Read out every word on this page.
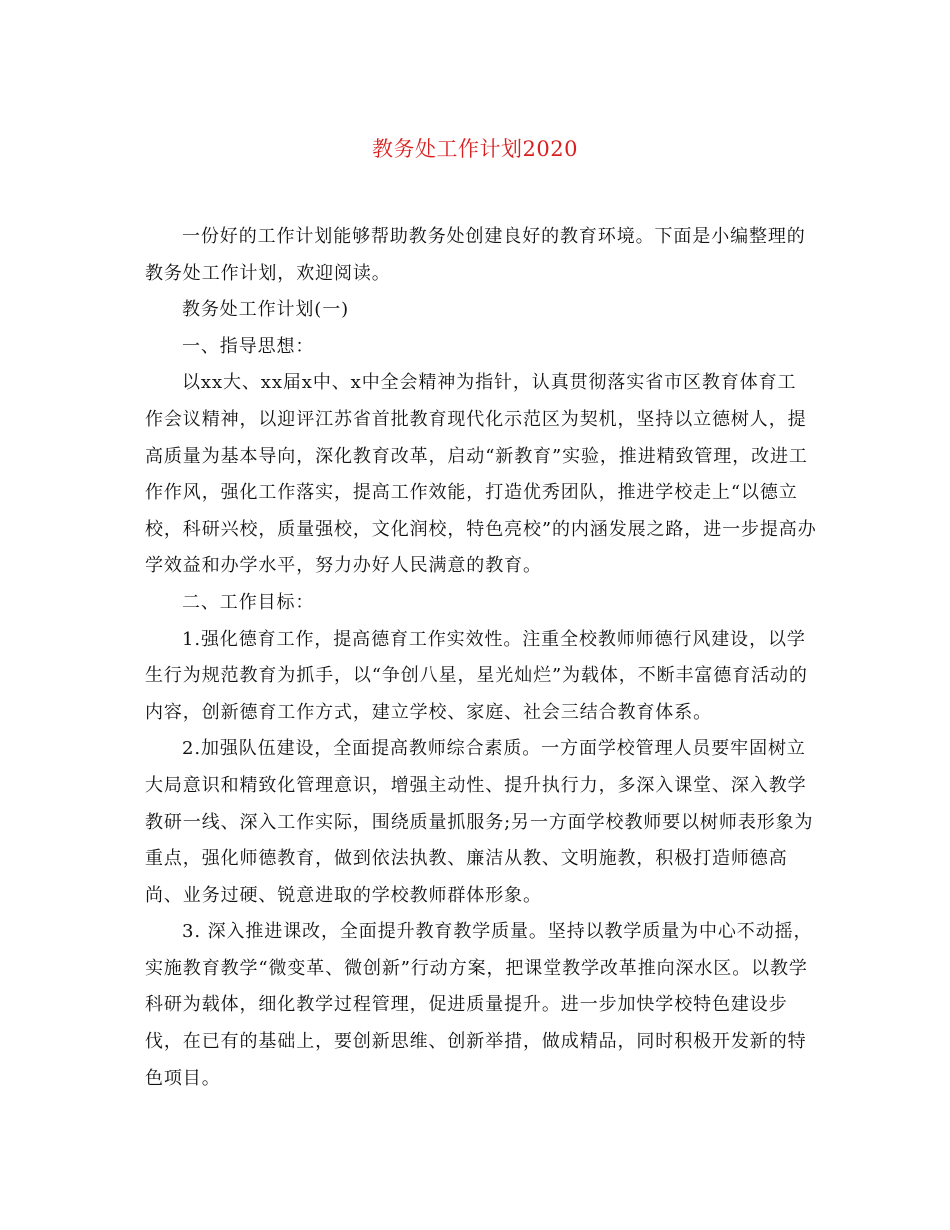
教务处工作计划2020
一份好的工作计划能够帮助教务处创建良好的教育环境。下面是小编整理的
教务处工作计划，欢迎阅读。
教务处工作计划(一)
一、指导思想：
以xx大、xx届x中、x中全会精神为指针，认真贯彻落实省市区教育体育工
作会议精神，以迎评江苏省首批教育现代化示范区为契机，坚持以立德树人，提
高质量为基本导向，深化教育改革，启动“新教育”实验，推进精致管理，改进工
作作风，强化工作落实，提高工作效能，打造优秀团队，推进学校走上“以德立
校，科研兴校，质量强校，文化润校，特色亮校”的内涵发展之路，进一步提高办
学效益和办学水平，努力办好人民满意的教育。
二、工作目标：
1.强化德育工作，提高德育工作实效性。注重全校教师师德行风建设，以学
生行为规范教育为抓手，以“争创八星，星光灿烂”为载体，不断丰富德育活动的
内容，创新德育工作方式，建立学校、家庭、社会三结合教育体系。
2.加强队伍建设，全面提高教师综合素质。一方面学校管理人员要牢固树立
大局意识和精致化管理意识，增强主动性、提升执行力，多深入课堂、深入教学
教研一线、深入工作实际，围绕质量抓服务;另一方面学校教师要以树师表形象为
重点，强化师德教育，做到依法执教、廉洁从教、文明施教，积极打造师德高
尚、业务过硬、锐意进取的学校教师群体形象。
3. 深入推进课改，全面提升教育教学质量。坚持以教学质量为中心不动摇，
实施教育教学“微变革、微创新”行动方案，把课堂教学改革推向深水区。以教学
科研为载体，细化教学过程管理，促进质量提升。进一步加快学校特色建设步
伐，在已有的基础上，要创新思维、创新举措，做成精品，同时积极开发新的特
色项目。
